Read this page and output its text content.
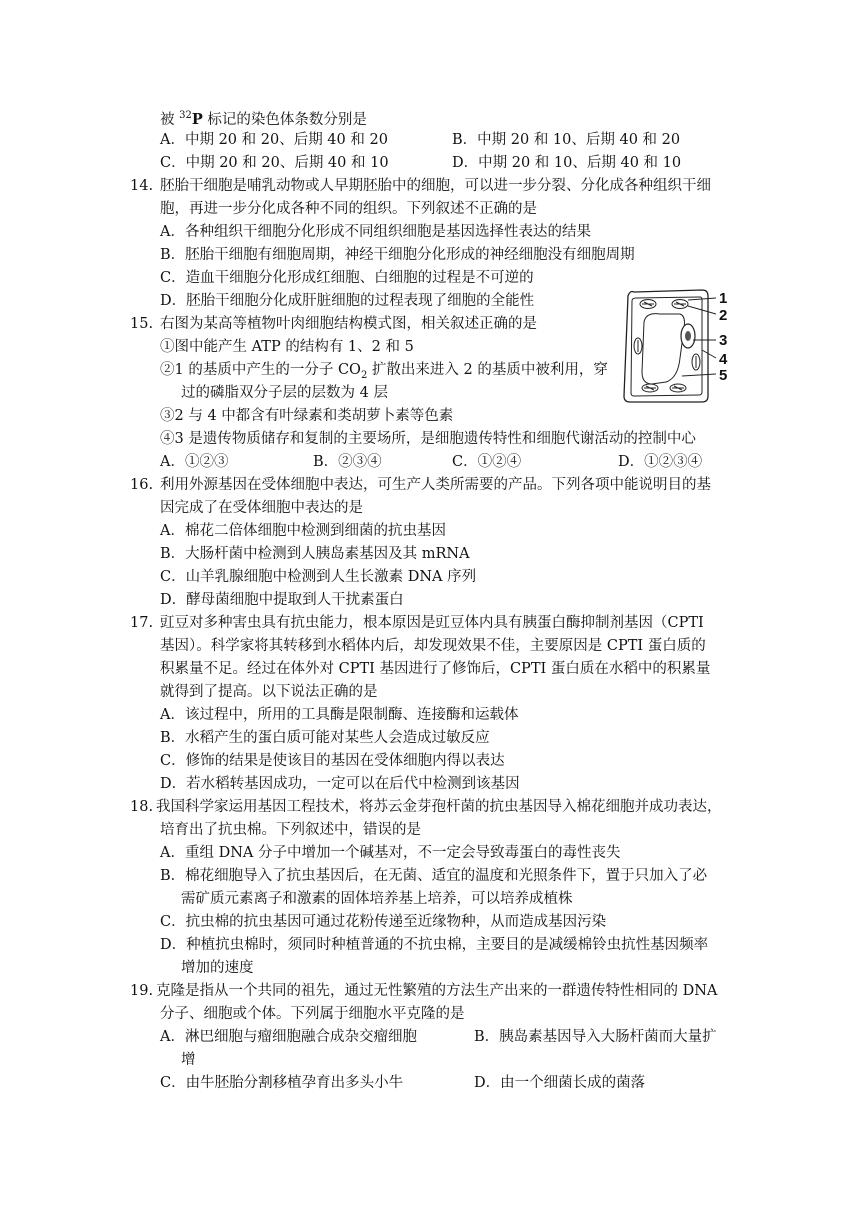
被 $^{32}$P 标记的染色体条数分别是
A．中期 20 和 20、后期 40 和 20	B．中期 20 和 10、后期 40 和 20
C．中期 20 和 20、后期 40 和 10	D．中期 20 和 10、后期 40 和 10
14. 胚胎干细胞是哺乳动物或人早期胚胎中的细胞，可以进一步分裂、分化成各种组织干细
胞，再进一步分化成各种不同的组织。下列叙述不正确的是
A．各种组织干细胞分化形成不同组织细胞是基因选择性表达的结果
B．胚胎干细胞有细胞周期，神经干细胞分化形成的神经细胞没有细胞周期
C．造血干细胞分化形成红细胞、白细胞的过程是不可逆的
D．胚胎干细胞分化成肝脏细胞的过程表现了细胞的全能性
15. 右图为某高等植物叶肉细胞结构模式图，相关叙述正确的是
①图中能产生 ATP 的结构有 1、2 和 5
②1 的基质中产生的一分子 $CO_2$ 扩散出来进入 2 的基质中被利用，穿
过的磷脂双分子层的层数为 4 层
③2 与 4 中都含有叶绿素和类胡萝卜素等色素
④3 是遗传物质储存和复制的主要场所，是细胞遗传特性和细胞代谢活动的控制中心
A．①②③	B．②③④	C．①②④	D．①②③④
1
2
3
4
5
16. 利用外源基因在受体细胞中表达，可生产人类所需要的产品。下列各项中能说明目的基
因完成了在受体细胞中表达的是
A．棉花二倍体细胞中检测到细菌的抗虫基因
B．大肠杆菌中检测到人胰岛素基因及其 mRNA
C．山羊乳腺细胞中检测到人生长激素 DNA 序列
D．酵母菌细胞中提取到人干扰素蛋白
17. 豇豆对多种害虫具有抗虫能力，根本原因是豇豆体内具有胰蛋白酶抑制剂基因（CPTI
基因）。科学家将其转移到水稻体内后，却发现效果不佳，主要原因是 CPTI 蛋白质的
积累量不足。经过在体外对 CPTI 基因进行了修饰后，CPTI 蛋白质在水稻中的积累量
就得到了提高。以下说法正确的是
A．该过程中，所用的工具酶是限制酶、连接酶和运载体
B．水稻产生的蛋白质可能对某些人会造成过敏反应
C．修饰的结果是使该目的基因在受体细胞内得以表达
D．若水稻转基因成功，一定可以在后代中检测到该基因
18. 我国科学家运用基因工程技术，将苏云金芽孢杆菌的抗虫基因导入棉花细胞并成功表达，
培育出了抗虫棉。下列叙述中，错误的是
A．重组 DNA 分子中增加一个碱基对，不一定会导致毒蛋白的毒性丧失
B．棉花细胞导入了抗虫基因后，在无菌、适宜的温度和光照条件下，置于只加入了必
需矿质元素离子和激素的固体培养基上培养，可以培养成植株
C．抗虫棉的抗虫基因可通过花粉传递至近缘物种，从而造成基因污染
D．种植抗虫棉时，须同时种植普通的不抗虫棉，主要目的是减缓棉铃虫抗性基因频率
增加的速度
19. 克隆是指从一个共同的祖先，通过无性繁殖的方法生产出来的一群遗传特性相同的 DNA
分子、细胞或个体。下列属于细胞水平克隆的是
A．淋巴细胞与瘤细胞融合成杂交瘤细胞	B．胰岛素基因导入大肠杆菌而大量扩
增
C．由牛胚胎分割移植孕育出多头小牛	D．由一个细菌长成的菌落
